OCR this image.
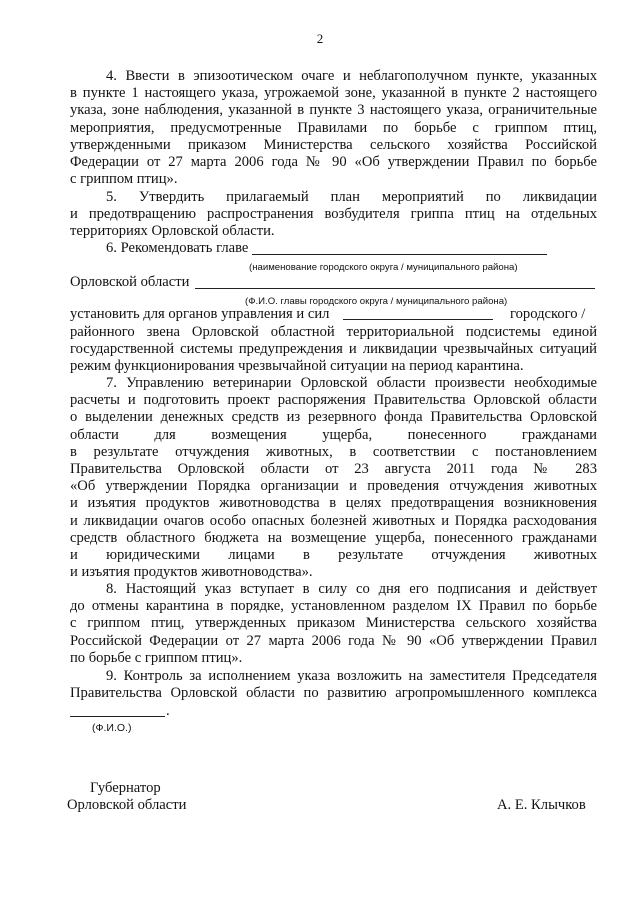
2
4. Ввести в эпизоотическом очаге и неблагополучном пункте, указанных
в пункте 1 настоящего указа, угрожаемой зоне, указанной в пункте 2 настоящего
указа, зоне наблюдения, указанной в пункте 3 настоящего указа, ограничительные
мероприятия, предусмотренные Правилами по борьбе с гриппом птиц,
утвержденными приказом Министерства сельского хозяйства Российской
Федерации от 27 марта 2006 года № 90 «Об утверждении Правил по борьбе
с гриппом птиц».
5. Утвердить прилагаемый план мероприятий по ликвидации
и предотвращению распространения возбудителя гриппа птиц на отдельных
территориях Орловской области.
6. Рекомендовать главе
(наименование городского округа / муниципального района)
Орловской области
(Ф.И.О. главы городского округа / муниципального района)
установить для органов управления и сил	городского /
районного звена Орловской областной территориальной подсистемы единой
государственной системы предупреждения и ликвидации чрезвычайных ситуаций
режим функционирования чрезвычайной ситуации на период карантина.
7. Управлению ветеринарии Орловской области произвести необходимые
расчеты и подготовить проект распоряжения Правительства Орловской области
о выделении денежных средств из резервного фонда Правительства Орловской
области для возмещения ущерба, понесенного гражданами
в результате отчуждения животных, в соответствии с постановлением
Правительства Орловской области от 23 августа 2011 года № 283
«Об утверждении Порядка организации и проведения отчуждения животных
и изъятия продуктов животноводства в целях предотвращения возникновения
и ликвидации очагов особо опасных болезней животных и Порядка расходования
средств областного бюджета на возмещение ущерба, понесенного гражданами
и юридическими лицами в результате отчуждения животных
и изъятия продуктов животноводства».
8. Настоящий указ вступает в силу со дня его подписания и действует
до отмены карантина в порядке, установленном разделом IX Правил по борьбе
с гриппом птиц, утвержденных приказом Министерства сельского хозяйства
Российской Федерации от 27 марта 2006 года № 90 «Об утверждении Правил
по борьбе с гриппом птиц».
9. Контроль за исполнением указа возложить на заместителя Председателя
Правительства Орловской области по развитию агропромышленного комплекса
.
(Ф.И.О.)
Губернатор
Орловской области	А. Е. Клычков
